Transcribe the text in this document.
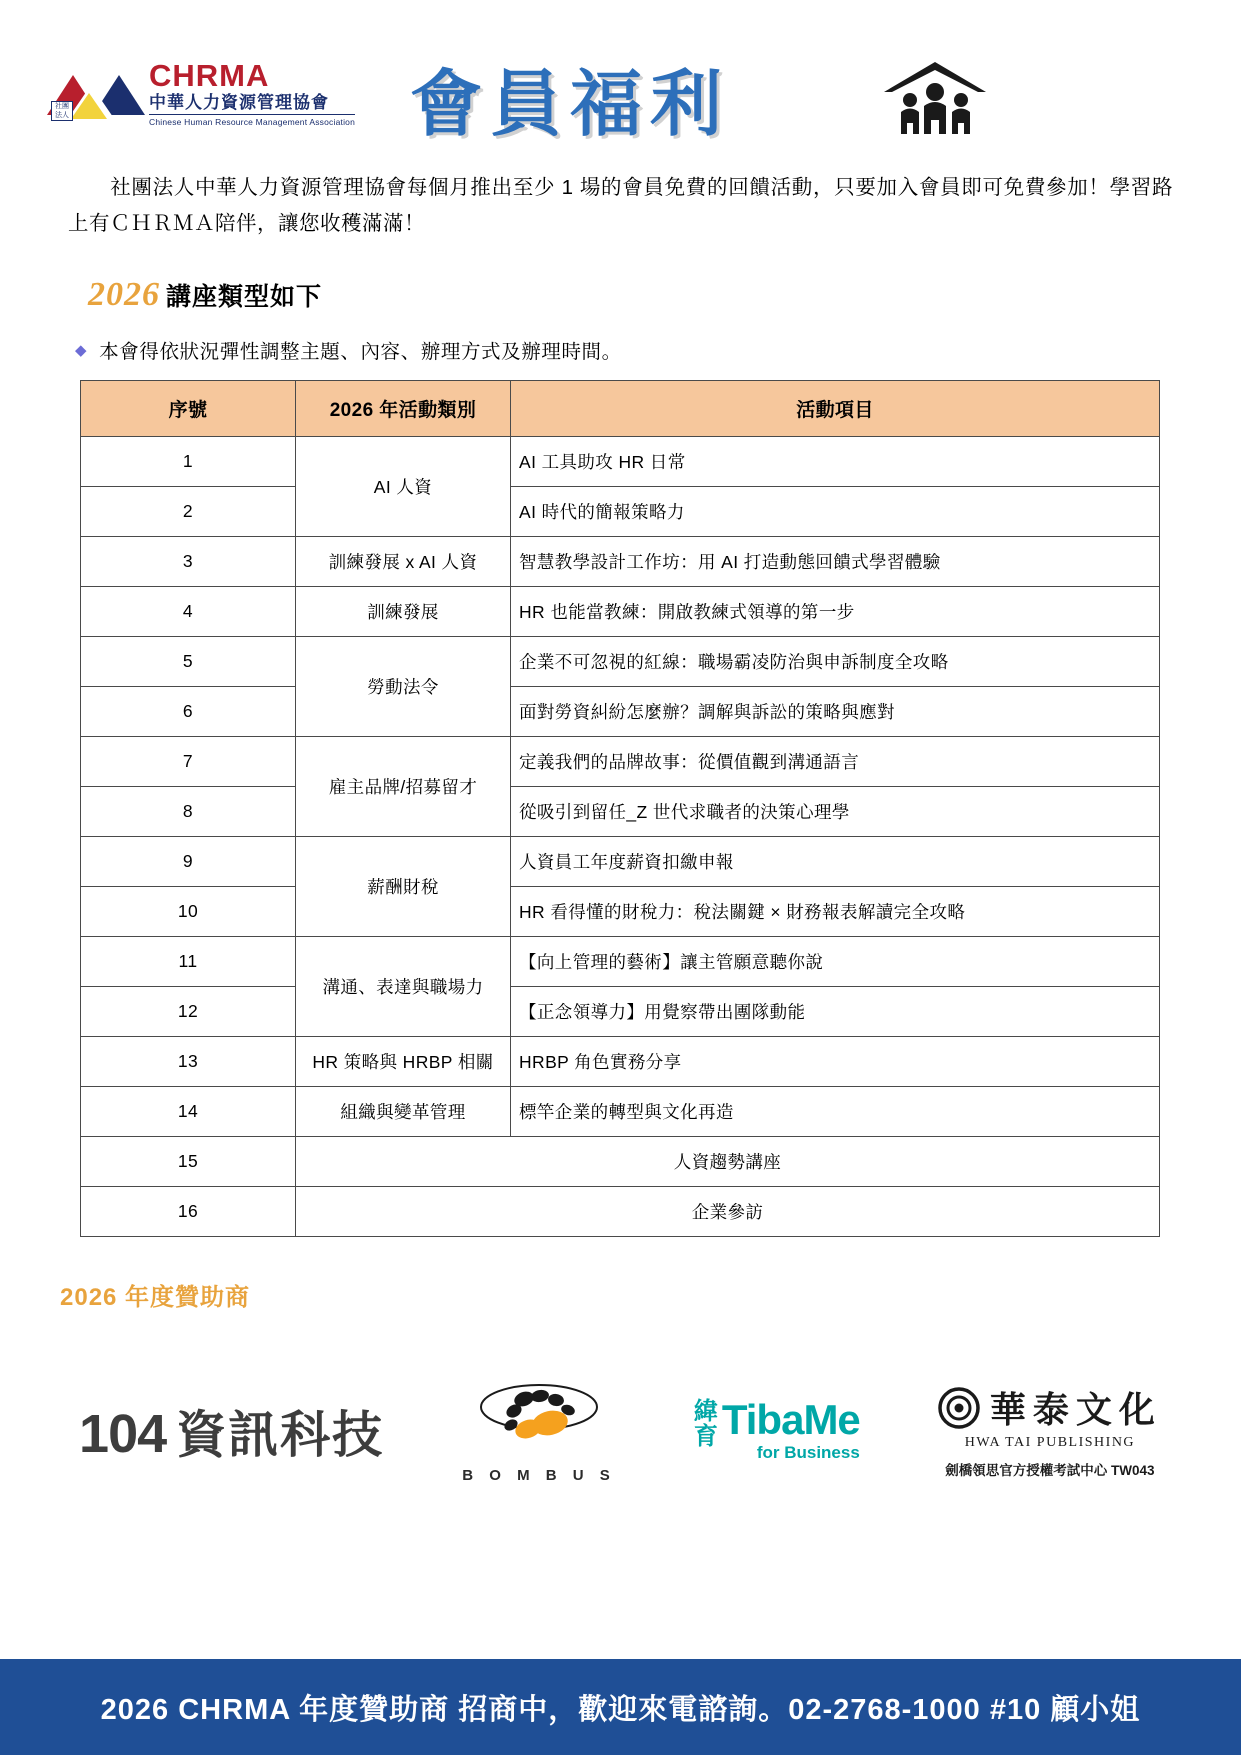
社團法人
CHRMA
中華人力資源管理協會
Chinese Human Resource Management Association 會員福利
社團法人中華人力資源管理協會每個月推出至少 1 場的會員免費的回饋活動，只要加入會員即可免費參加！學習路上有ＣＨＲＭＡ陪伴，讓您收穫滿滿！
2026 講座類型如下
◆ 本會得依狀況彈性調整主題、內容、辦理方式及辦理時間。
序號	2026 年活動類別	活動項目
1	AI 人資	AI 工具助攻 HR 日常
2		AI 時代的簡報策略力
3	訓練發展 x AI 人資	智慧教學設計工作坊：用 AI 打造動態回饋式學習體驗
4	訓練發展	HR 也能當教練：開啟教練式領導的第一步
5	勞動法令	企業不可忽視的紅線：職場霸凌防治與申訴制度全攻略
6		面對勞資糾紛怎麼辦？調解與訴訟的策略與應對
7	雇主品牌/招募留才	定義我們的品牌故事：從價值觀到溝通語言
8		從吸引到留任_Z 世代求職者的決策心理學
9	薪酬財稅	人資員工年度薪資扣繳申報
10		HR 看得懂的財稅力：稅法關鍵 × 財務報表解讀完全攻略
11	溝通、表達與職場力	【向上管理的藝術】讓主管願意聽你說
12		【正念領導力】用覺察帶出團隊動能
13	HR 策略與 HRBP 相關	HRBP 角色實務分享
14	組織與變革管理	標竿企業的轉型與文化再造
15	人資趨勢講座	
16	企業參訪	
2026 年度贊助商
104 資訊科技
B O M B U S
緯
育 TibaMe
for Business
華泰文化
HWA TAI PUBLISHING
劍橋領思官方授權考試中心 TW043
2026 CHRMA 年度贊助商 招商中，歡迎來電諮詢。02-2768-1000 #10 顧小姐
